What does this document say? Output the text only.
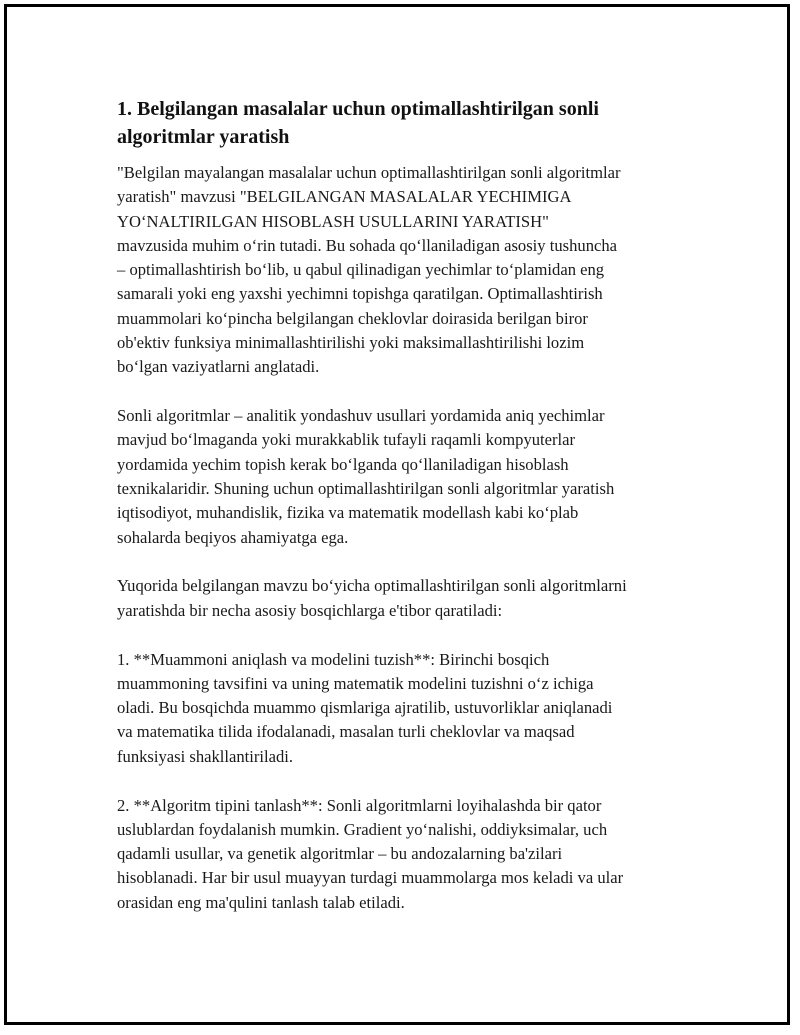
1. Belgilangan masalalar uchun optimallashtirilgan sonli
algoritmlar yaratish

"Belgilan mayalangan masalalar uchun optimallashtirilgan sonli algoritmlar
yaratish" mavzusi "BELGILANGAN MASALALAR YECHIMIGA
YO‘NALTIRILGAN HISOBLASH USULLARINI YARATISH"
mavzusida muhim o‘rin tutadi. Bu sohada qo‘llaniladigan asosiy tushuncha
– optimallashtirish bo‘lib, u qabul qilinadigan yechimlar to‘plamidan eng
samarali yoki eng yaxshi yechimni topishga qaratilgan. Optimallashtirish
muammolari ko‘pincha belgilangan cheklovlar doirasida berilgan biror
ob'ektiv funksiya minimallashtirilishi yoki maksimallashtirilishi lozim
bo‘lgan vaziyatlarni anglatadi.

Sonli algoritmlar – analitik yondashuv usullari yordamida aniq yechimlar
mavjud bo‘lmaganda yoki murakkablik tufayli raqamli kompyuterlar
yordamida yechim topish kerak bo‘lganda qo‘llaniladigan hisoblash
texnikalaridir. Shuning uchun optimallashtirilgan sonli algoritmlar yaratish
iqtisodiyot, muhandislik, fizika va matematik modellash kabi ko‘plab
sohalarda beqiyos ahamiyatga ega.

Yuqorida belgilangan mavzu bo‘yicha optimallashtirilgan sonli algoritmlarni
yaratishda bir necha asosiy bosqichlarga e'tibor qaratiladi:

1. **Muammoni aniqlash va modelini tuzish**: Birinchi bosqich
muammoning tavsifini va uning matematik modelini tuzishni o‘z ichiga
oladi. Bu bosqichda muammo qismlariga ajratilib, ustuvorliklar aniqlanadi
va matematika tilida ifodalanadi, masalan turli cheklovlar va maqsad
funksiyasi shakllantiriladi.

2. **Algoritm tipini tanlash**: Sonli algoritmlarni loyihalashda bir qator
uslublardan foydalanish mumkin. Gradient yo‘nalishi, oddiyksimalar, uch
qadamli usullar, va genetik algoritmlar – bu andozalarning ba'zilari
hisoblanadi. Har bir usul muayyan turdagi muammolarga mos keladi va ular
orasidan eng ma'qulini tanlash talab etiladi.
